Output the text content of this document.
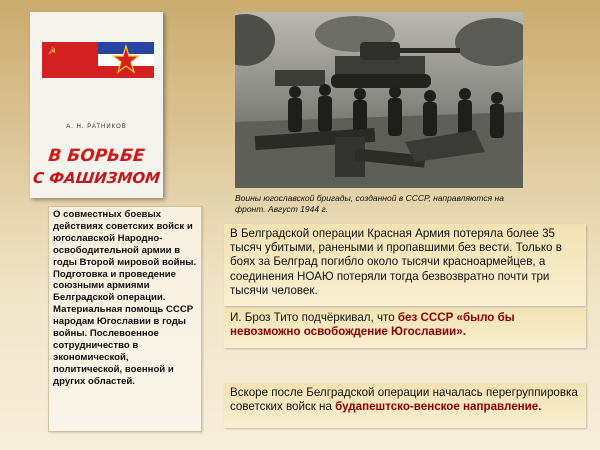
☭
А. Н. РАТНИКОВ
В БОРЬБЕ
С ФАШИЗМОМ
Воины югославской бригады, созданной в СССР, направляются на фронт. Август 1944 г.

О совместных боевых действиях советских войск и югославской Народно-освободительной армии в годы Второй мировой войны. Подготовка и проведение союзными армиями Белградской операции. Материальная помощь СССР народам Югославии в годы войны. Послевоенное сотрудничество в экономической, политической, военной и других областей.

В Белградской операции Красная Армия потеряла более 35 тысяч убитыми, ранеными и пропавшими без вести. Только в боях за Белград погибло около тысячи красноармейцев, а соединения НОАЮ потеряли тогда безвозвратно почти три тысячи человек.

И. Броз Тито подчёркивал, что без СССР «было бы невозможно освобождение Югославии».

Вскоре после Белградской операции началась перегруппировка советских войск на будапештско-венское направление.
